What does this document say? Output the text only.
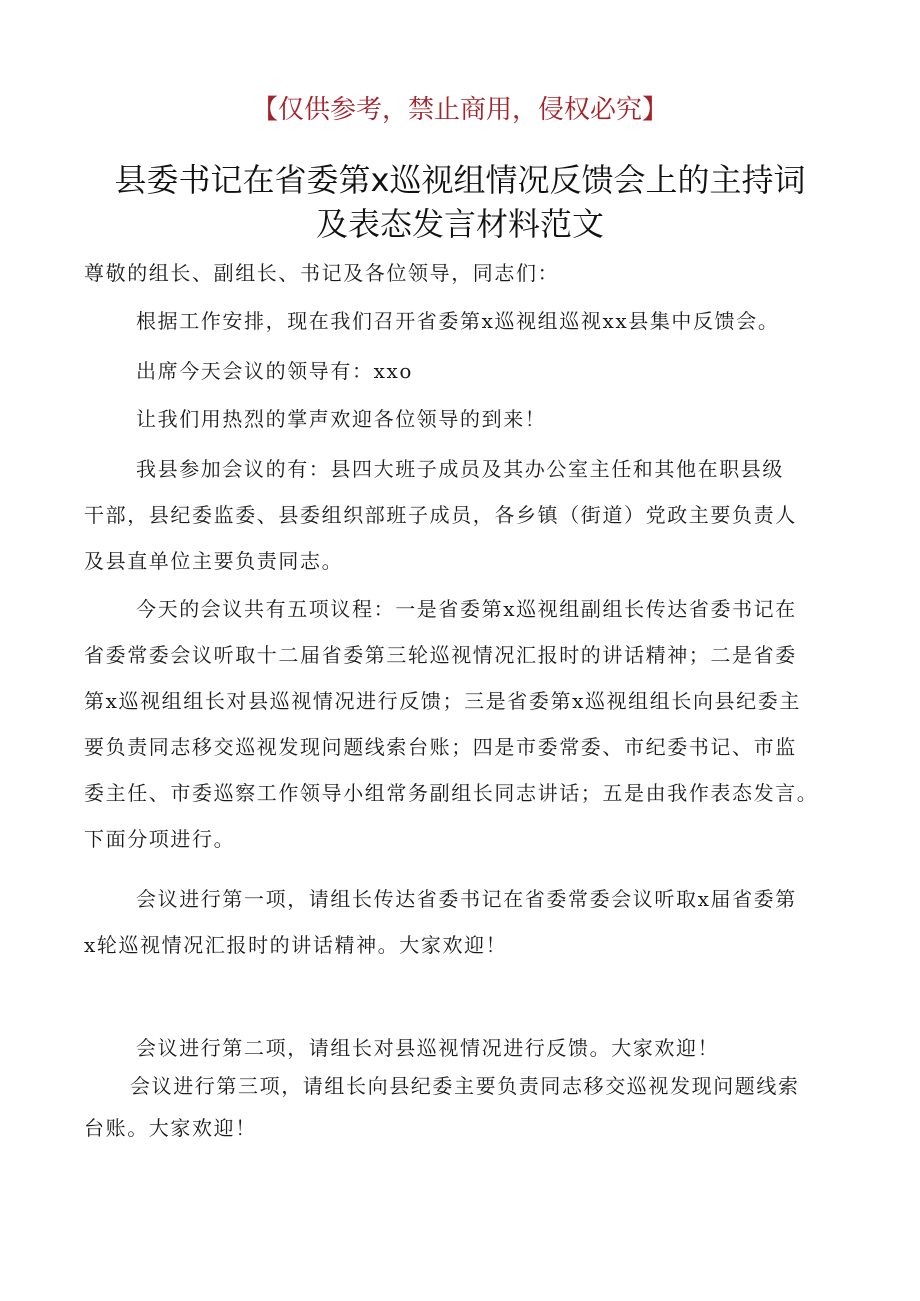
【仅供参考，禁止商用，侵权必究】
县委书记在省委第x巡视组情况反馈会上的主持词
及表态发言材料范文
尊敬的组长、副组长、书记及各位领导，同志们：
根据工作安排，现在我们召开省委第x巡视组巡视xx县集中反馈会。
出席今天会议的领导有：xxo
让我们用热烈的掌声欢迎各位领导的到来！
我县参加会议的有：县四大班子成员及其办公室主任和其他在职县级
干部，县纪委监委、县委组织部班子成员，各乡镇（街道）党政主要负责人
及县直单位主要负责同志。
今天的会议共有五项议程：一是省委第x巡视组副组长传达省委书记在
省委常委会议听取十二届省委第三轮巡视情况汇报时的讲话精神；二是省委
第x巡视组组长对县巡视情况进行反馈；三是省委第x巡视组组长向县纪委主
要负责同志移交巡视发现问题线索台账；四是市委常委、市纪委书记、市监
委主任、市委巡察工作领导小组常务副组长同志讲话；五是由我作表态发言。
下面分项进行。
会议进行第一项，请组长传达省委书记在省委常委会议听取x届省委第
x轮巡视情况汇报时的讲话精神。大家欢迎！
会议进行第二项，请组长对县巡视情况进行反馈。大家欢迎！
会议进行第三项，请组长向县纪委主要负责同志移交巡视发现问题线索
台账。大家欢迎！
